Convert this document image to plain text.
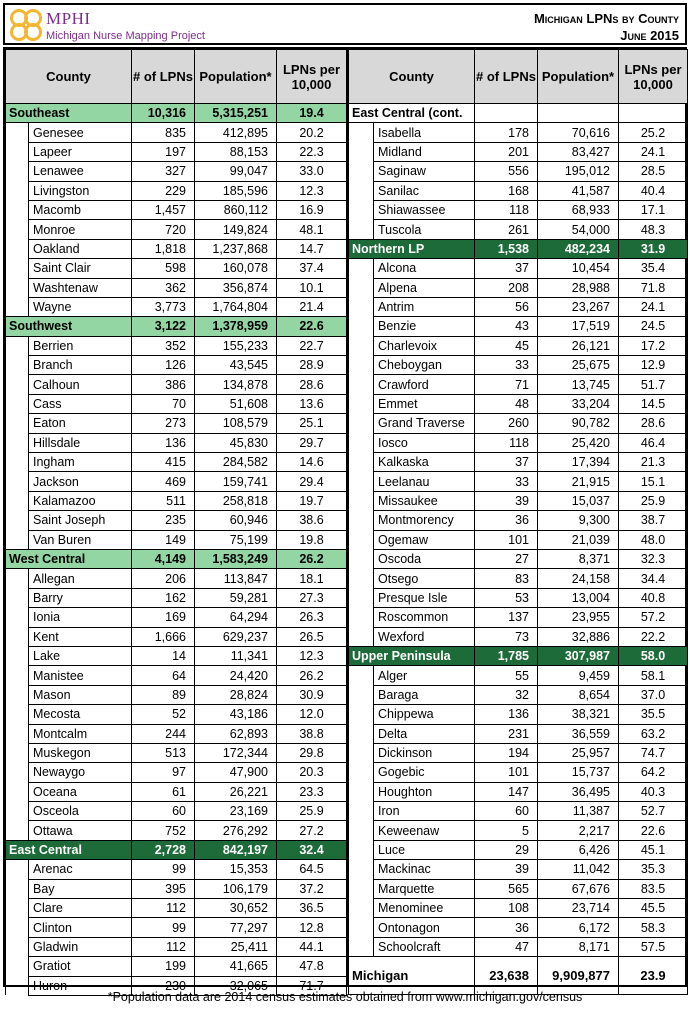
MPHI
Michigan Nurse Mapping Project
Michigan LPNs by County
June 2015
County		# of LPNs	Population*	LPNs per 10,000
Southeast		10,316	5,315,251	19.4
	Genesee	835	412,895	20.2
	Lapeer	197	88,153	22.3
	Lenawee	327	99,047	33.0
	Livingston	229	185,596	12.3
	Macomb	1,457	860,112	16.9
	Monroe	720	149,824	48.1
	Oakland	1,818	1,237,868	14.7
	Saint Clair	598	160,078	37.4
	Washtenaw	362	356,874	10.1
	Wayne	3,773	1,764,804	21.4
Southwest		3,122	1,378,959	22.6
	Berrien	352	155,233	22.7
	Branch	126	43,545	28.9
	Calhoun	386	134,878	28.6
	Cass	70	51,608	13.6
	Eaton	273	108,579	25.1
	Hillsdale	136	45,830	29.7
	Ingham	415	284,582	14.6
	Jackson	469	159,741	29.4
	Kalamazoo	511	258,818	19.7
	Saint Joseph	235	60,946	38.6
	Van Buren	149	75,199	19.8
West Central		4,149	1,583,249	26.2
	Allegan	206	113,847	18.1
	Barry	162	59,281	27.3
	Ionia	169	64,294	26.3
	Kent	1,666	629,237	26.5
	Lake	14	11,341	12.3
	Manistee	64	24,420	26.2
	Mason	89	28,824	30.9
	Mecosta	52	43,186	12.0
	Montcalm	244	62,893	38.8
	Muskegon	513	172,344	29.8
	Newaygo	97	47,900	20.3
	Oceana	61	26,221	23.3
	Osceola	60	23,169	25.9
	Ottawa	752	276,292	27.2
East Central		2,728	842,197	32.4
	Arenac	99	15,353	64.5
	Bay	395	106,179	37.2
	Clare	112	30,652	36.5
	Clinton	99	77,297	12.8
	Gladwin	112	25,411	44.1
	Gratiot	199	41,665	47.8
	Huron	230	32,065	71.7
County		# of LPNs	Population*	LPNs per 10,000
East Central (cont.				
	Isabella	178	70,616	25.2
	Midland	201	83,427	24.1
	Saginaw	556	195,012	28.5
	Sanilac	168	41,587	40.4
	Shiawassee	118	68,933	17.1
	Tuscola	261	54,000	48.3
Northern LP		1,538	482,234	31.9
	Alcona	37	10,454	35.4
	Alpena	208	28,988	71.8
	Antrim	56	23,267	24.1
	Benzie	43	17,519	24.5
	Charlevoix	45	26,121	17.2
	Cheboygan	33	25,675	12.9
	Crawford	71	13,745	51.7
	Emmet	48	33,204	14.5
	Grand Traverse	260	90,782	28.6
	Iosco	118	25,420	46.4
	Kalkaska	37	17,394	21.3
	Leelanau	33	21,915	15.1
	Missaukee	39	15,037	25.9
	Montmorency	36	9,300	38.7
	Ogemaw	101	21,039	48.0
	Oscoda	27	8,371	32.3
	Otsego	83	24,158	34.4
	Presque Isle	53	13,004	40.8
	Roscommon	137	23,955	57.2
	Wexford	73	32,886	22.2
Upper Peninsula		1,785	307,987	58.0
	Alger	55	9,459	58.1
	Baraga	32	8,654	37.0
	Chippewa	136	38,321	35.5
	Delta	231	36,559	63.2
	Dickinson	194	25,957	74.7
	Gogebic	101	15,737	64.2
	Houghton	147	36,495	40.3
	Iron	60	11,387	52.7
	Keweenaw	5	2,217	22.6
	Luce	29	6,426	45.1
	Mackinac	39	11,042	35.3
	Marquette	565	67,676	83.5
	Menominee	108	23,714	45.5
	Ontonagon	36	6,172	58.3
	Schoolcraft	47	8,171	57.5
Michigan		23,638	9,909,877	23.9
*Population data are 2014 census estimates obtained from www.michigan.gov/census
